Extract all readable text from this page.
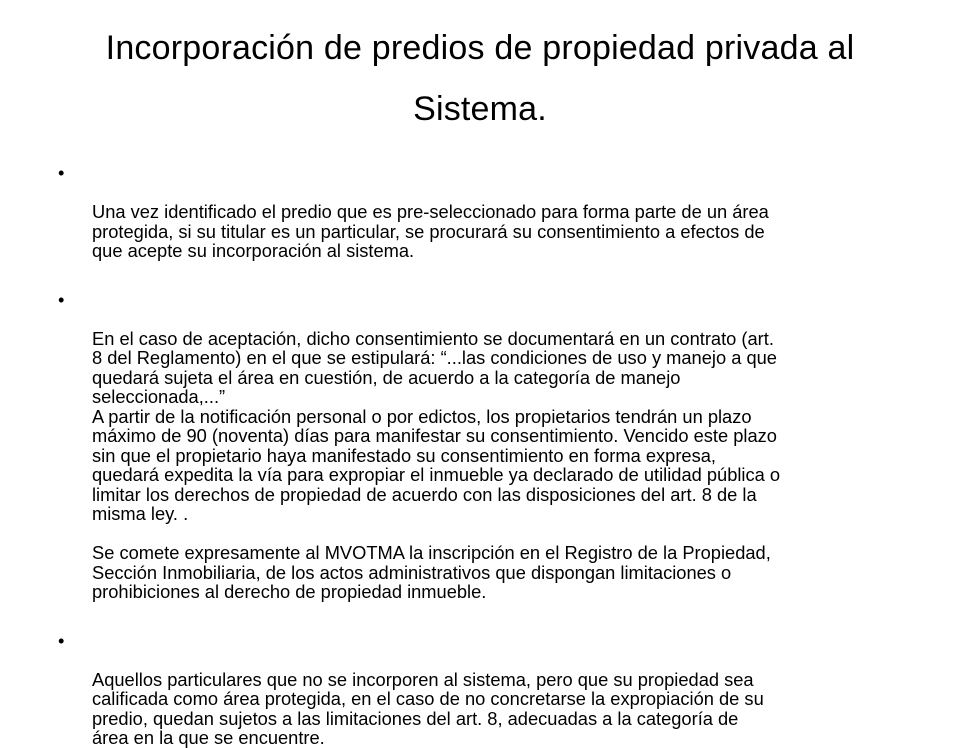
Incorporación de predios de propiedad privada al
Sistema.

•

Una vez identificado el predio que es pre-seleccionado para forma parte de un área
protegida, si su titular es un particular, se procurará su consentimiento a efectos de
que acepte su incorporación al sistema.

•

En el caso de aceptación, dicho consentimiento se documentará en un contrato (art.
8 del Reglamento) en el que se estipulará: “...las condiciones de uso y manejo a que
quedará sujeta el área en cuestión, de acuerdo a la categoría de manejo
seleccionada,...”
A partir de la notificación personal o por edictos, los propietarios tendrán un plazo
máximo de 90 (noventa) días para manifestar su consentimiento. Vencido este plazo
sin que el propietario haya manifestado su consentimiento en forma expresa,
quedará expedita la vía para expropiar el inmueble ya declarado de utilidad pública o
limitar los derechos de propiedad de acuerdo con las disposiciones del art. 8 de la
misma ley. .

Se comete expresamente al MVOTMA la inscripción en el Registro de la Propiedad,
Sección Inmobiliaria, de los actos administrativos que dispongan limitaciones o
prohibiciones al derecho de propiedad inmueble.

•

Aquellos particulares que no se incorporen al sistema, pero que su propiedad sea
calificada como área protegida, en el caso de no concretarse la expropiación de su
predio, quedan sujetos a las limitaciones del art. 8, adecuadas a la categoría de
área en la que se encuentre.
